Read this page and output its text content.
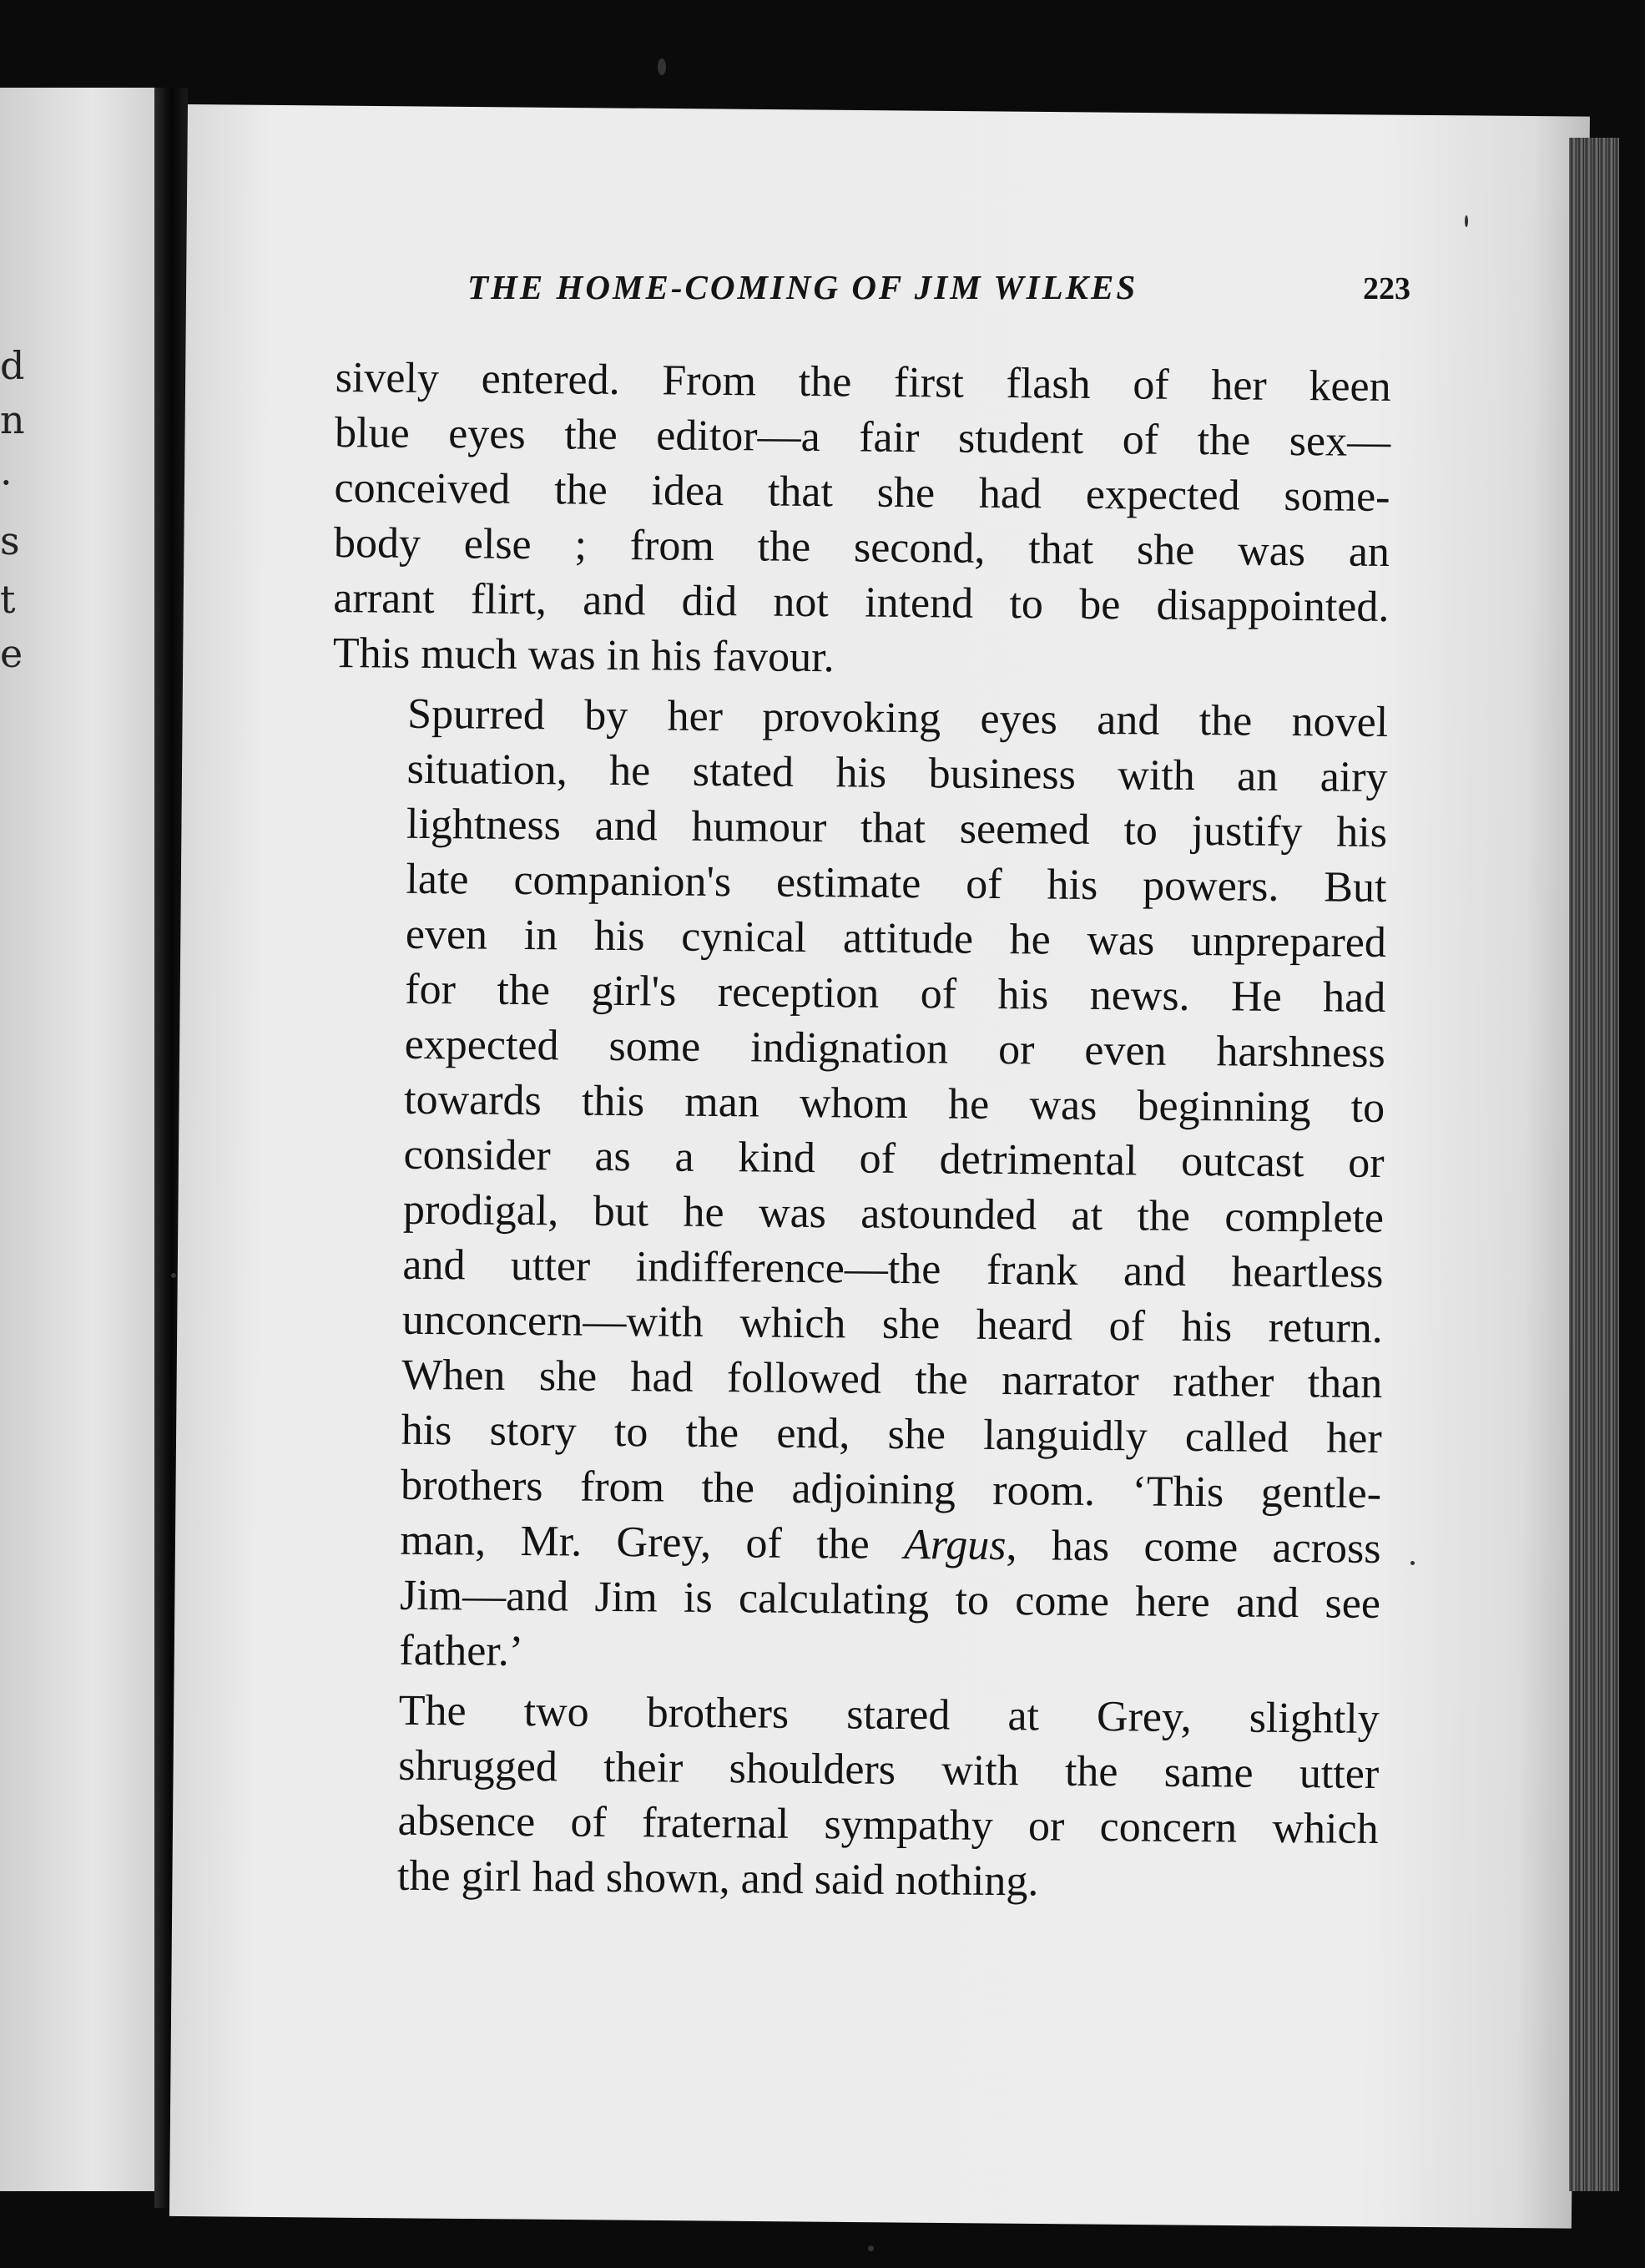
d
n
·
s
t
e
THE HOME-COMING OF JIM WILKES	223
sively entered. From the first flash of her keen
blue eyes the editor—a fair student of the sex—
conceived the idea that she had expected some-
body else ; from the second, that she was an
arrant flirt, and did not intend to be disappointed.
This much was in his favour.
Spurred by her provoking eyes and the novel
situation, he stated his business with an airy
lightness and humour that seemed to justify his
late companion's estimate of his powers. But
even in his cynical attitude he was unprepared
for the girl's reception of his news. He had
expected some indignation or even harshness
towards this man whom he was beginning to
consider as a kind of detrimental outcast or
prodigal, but he was astounded at the complete
and utter indifference—the frank and heartless
unconcern—with which she heard of his return.
When she had followed the narrator rather than
his story to the end, she languidly called her
brothers from the adjoining room. ‘This gentle-
man, Mr. Grey, of the Argus, has come across
Jim—and Jim is calculating to come here and see
father.’
The two brothers stared at Grey, slightly
shrugged their shoulders with the same utter
absence of fraternal sympathy or concern which
the girl had shown, and said nothing.
